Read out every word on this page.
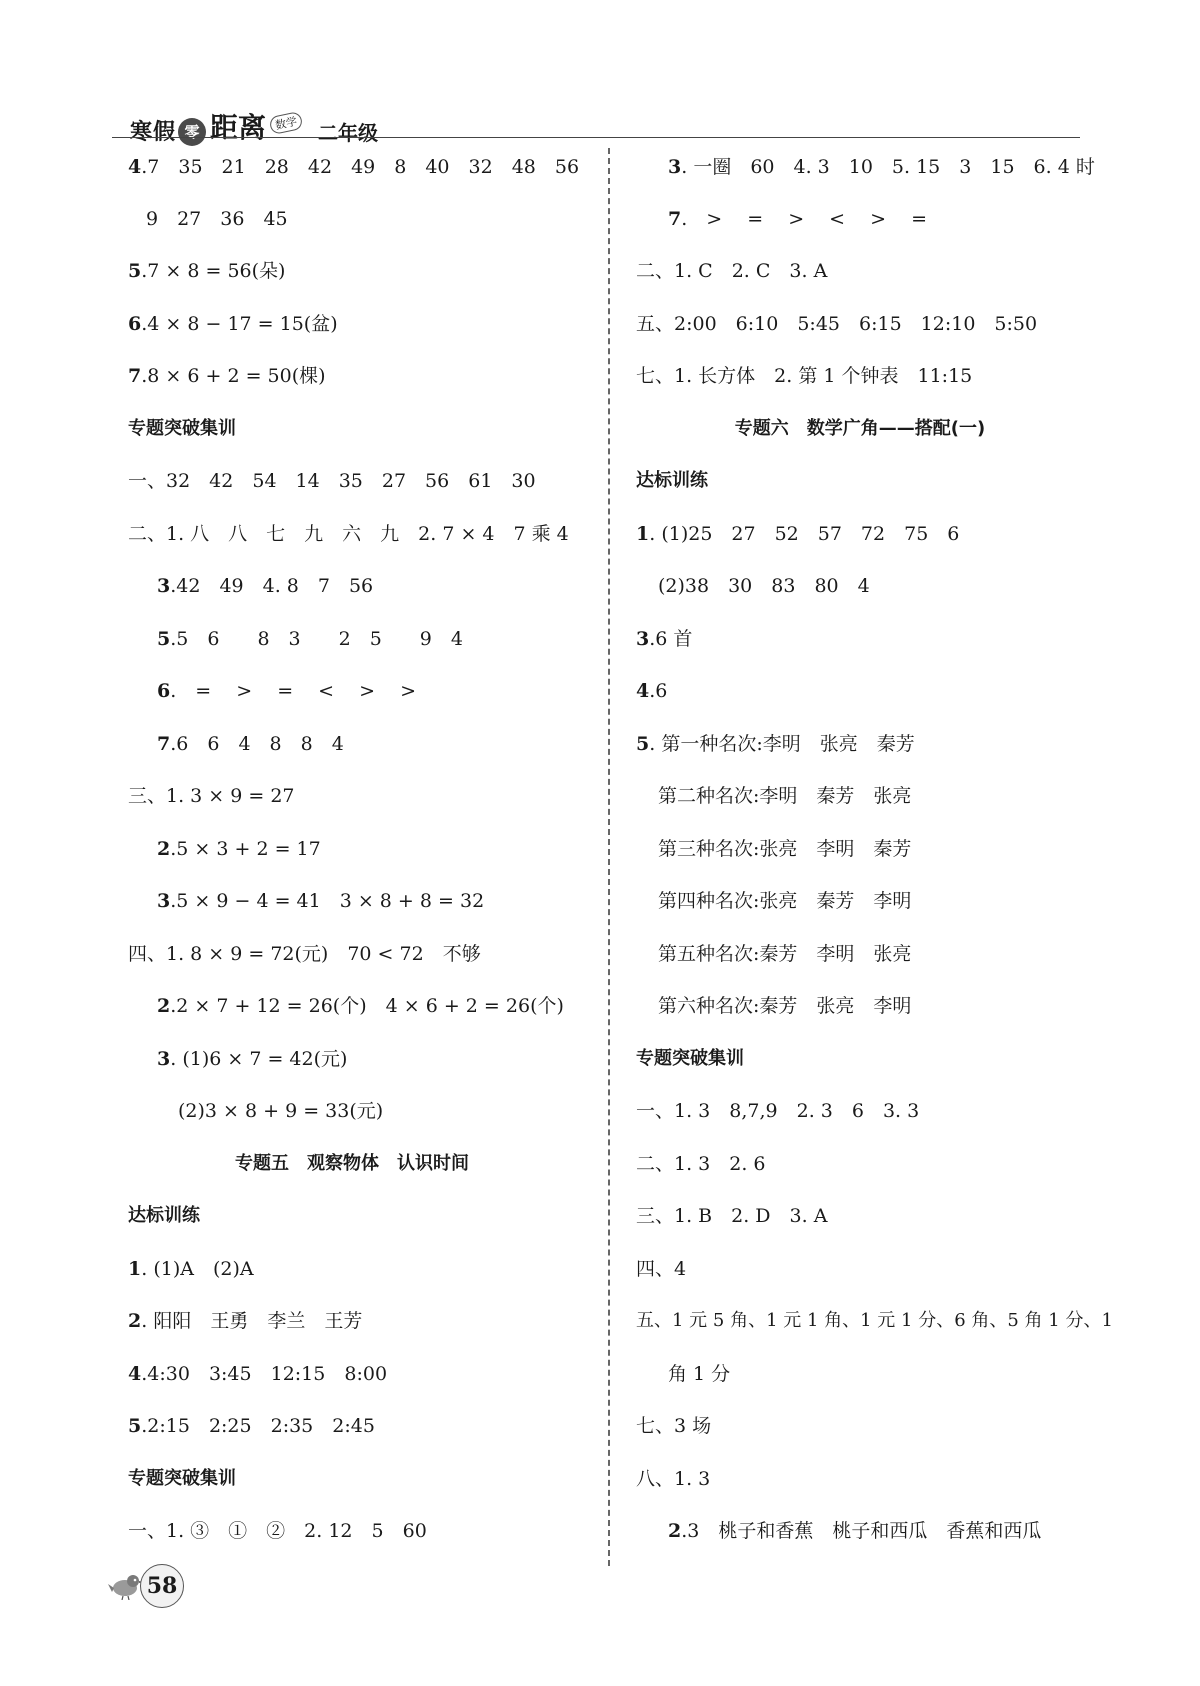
寒假 零 距离 数学 二年级
4.7　35　21　28　42　49　8　40　32　48　56
9　27　36　45
5.7 × 8 = 56(朵)
6.4 × 8 − 17 = 15(盆)
7.8 × 6 + 2 = 50(棵)
专题突破集训
一、32　42　54　14　35　27　56　61　30
二、1. 八　八　七　九　六　九　2. 7 × 4　7 乘 4
3.42　49　4. 8　7　56
5.5　6　　8　3　　2　5　　9　4
6.　=　 >　 =　 <　 >　 >
7.6　6　4　8　8　4
三、1. 3 × 9 = 27
2.5 × 3 + 2 = 17
3.5 × 9 − 4 = 41　3 × 8 + 8 = 32
四、1. 8 × 9 = 72(元)　70 < 72　不够
2.2 × 7 + 12 = 26(个)　4 × 6 + 2 = 26(个)
3. (1)6 × 7 = 42(元)
(2)3 × 8 + 9 = 33(元)
专题五　观察物体　认识时间
达标训练
1. (1)A　(2)A
2. 阳阳　王勇　李兰　王芳
4.4:30　3:45　12:15　8:00
5.2:15　2:25　2:35　2:45
专题突破集训
一、1. ③　①　②　2. 12　5　60
3. 一圈　60　4. 3　10　5. 15　3　15　6. 4 时
7.　>　 =　 >　 <　 >　 =
二、1. C　2. C　3. A
五、2:00　6:10　5:45　6:15　12:10　5:50
七、1. 长方体　2. 第 1 个钟表　11:15
专题六　数学广角——搭配(一)
达标训练
1. (1)25　27　52　57　72　75　6
(2)38　30　83　80　4
3.6 首
4.6
5. 第一种名次:李明　张亮　秦芳
第二种名次:李明　秦芳　张亮
第三种名次:张亮　李明　秦芳
第四种名次:张亮　秦芳　李明
第五种名次:秦芳　李明　张亮
第六种名次:秦芳　张亮　李明
专题突破集训
一、1. 3　8,7,9　2. 3　6　3. 3
二、1. 3　2. 6
三、1. B　2. D　3. A
四、4
五、1 元 5 角、1 元 1 角、1 元 1 分、6 角、5 角 1 分、1
角 1 分
七、3 场
八、1. 3
2.3　桃子和香蕉　桃子和西瓜　香蕉和西瓜
58
